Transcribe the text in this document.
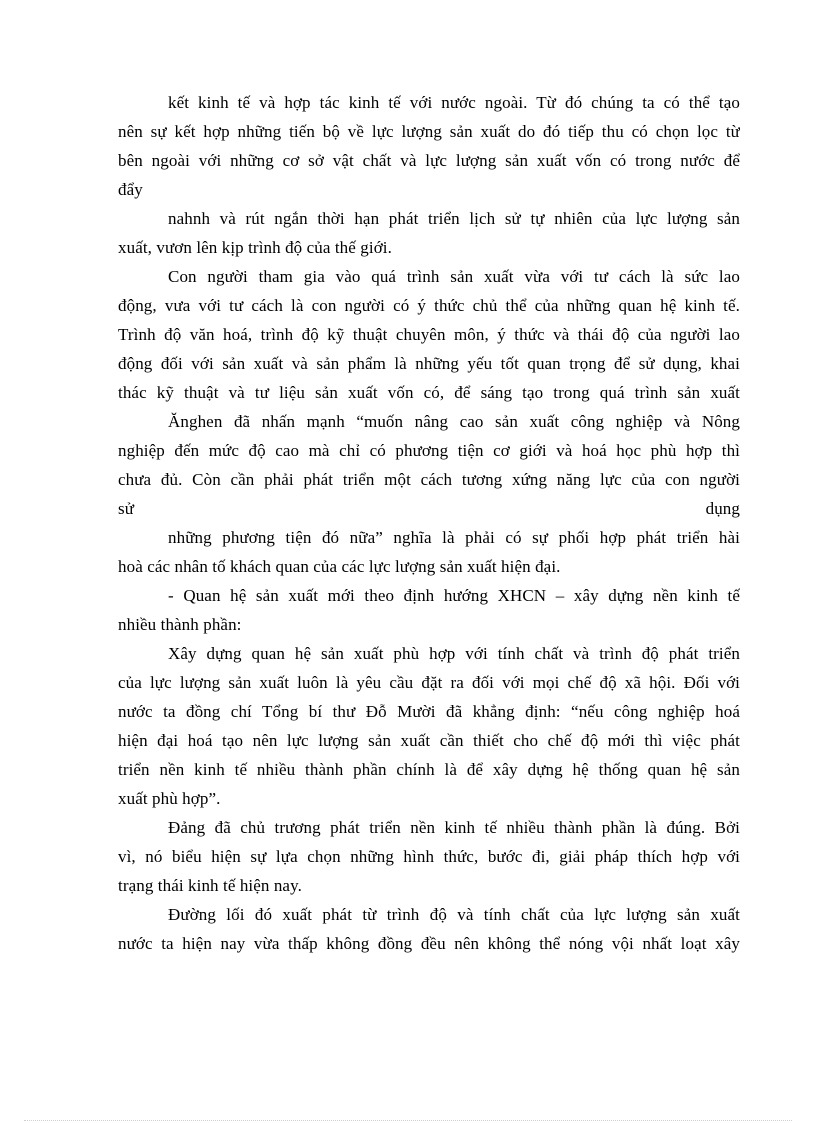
kết kinh tế và hợp tác kinh tế với nước ngoài. Từ đó chúng ta có thể tạo
nên sự kết hợp những tiến bộ về lực lượng sản xuất do đó tiếp thu có chọn lọc từ
bên ngoài với những cơ sở vật chất và lực lượng sản xuất vốn có trong nước để
đẩy
nahnh và rút ngắn thời hạn phát triển lịch sử tự nhiên của lực lượng sản
xuất, vươn lên kịp trình độ của thế giới.
Con người tham gia vào quá trình sản xuất vừa với tư cách là sức lao
động, vưa với tư cách là con người có ý thức chủ thể của những quan hệ kinh tế.
Trình độ văn hoá, trình độ kỹ thuật chuyên môn, ý thức và thái độ của người lao
động đối với sản xuất và sản phẩm là những yếu tốt quan trọng để sử dụng, khai
thác kỹ thuật và tư liệu sản xuất vốn có, để sáng tạo trong quá trình sản xuất
Ănghen đã nhấn mạnh “muốn nâng cao sản xuất công nghiệp và Nông
nghiệp đến mức độ cao mà chỉ có phương tiện cơ giới và hoá học phù hợp thì
chưa đủ. Còn cần phải phát triển một cách tương xứng năng lực của con người
sử dụng
những phương tiện đó nữa” nghĩa là phải có sự phối hợp phát triển hài
hoà các nhân tố khách quan của các lực lượng sản xuất hiện đại.
- Quan hệ sản xuất mới theo định hướng XHCN – xây dựng nền kinh tế
nhiều thành phần:
Xây dựng quan hệ sản xuất phù hợp với tính chất và trình độ phát triển
của lực lượng sản xuất luôn là yêu cầu đặt ra đối với mọi chế độ xã hội. Đối với
nước ta đồng chí Tổng bí thư Đỗ Mười đã khẳng định: “nếu công nghiệp hoá
hiện đại hoá tạo nên lực lượng sản xuất cần thiết cho chế độ mới thì việc phát
triển nền kinh tế nhiều thành phần chính là để xây dựng hệ thống quan hệ sản
xuất phù hợp”.
Đảng đã chủ trương phát triển nền kinh tế nhiều thành phần là đúng. Bởi
vì, nó biểu hiện sự lựa chọn những hình thức, bước đi, giải pháp thích hợp với
trạng thái kinh tế hiện nay.
Đường lối đó xuất phát từ trình độ và tính chất của lực lượng sản xuất
nước ta hiện nay vừa thấp không đồng đều nên không thể nóng vội nhất loạt xây
